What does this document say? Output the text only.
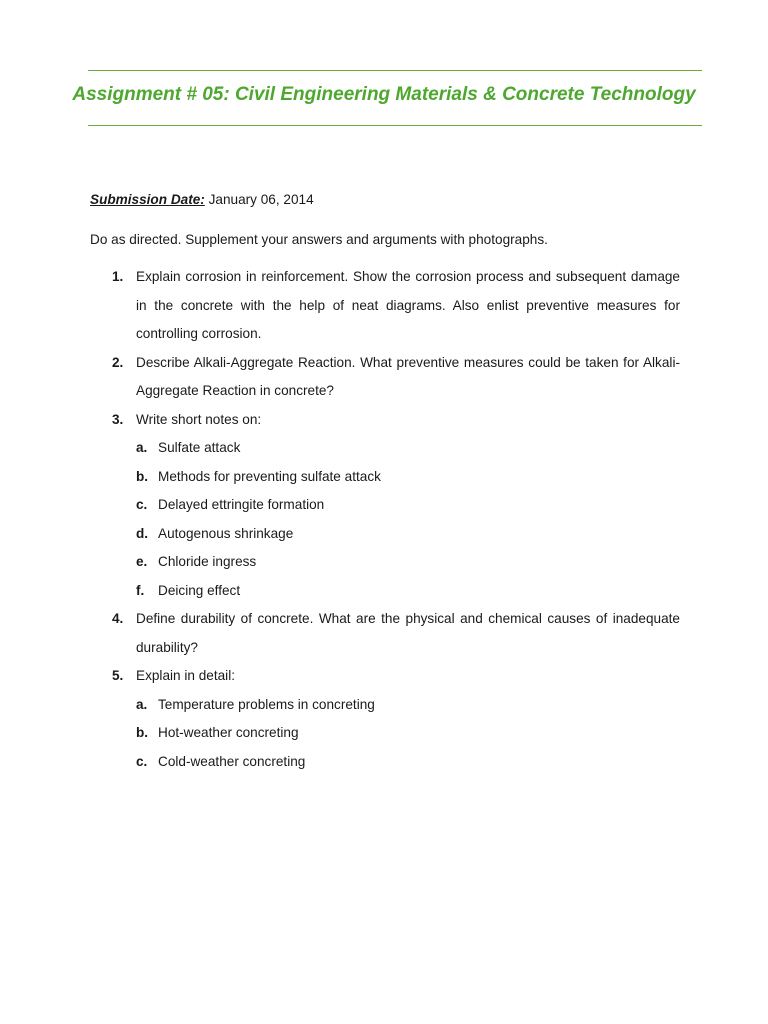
Assignment # 05: Civil Engineering Materials & Concrete Technology

Submission Date: January 06, 2014

Do as directed. Supplement your answers and arguments with photographs.

1. Explain corrosion in reinforcement. Show the corrosion process and subsequent damage in the concrete with the help of neat diagrams. Also enlist preventive measures for controlling corrosion.
2. Describe Alkali-Aggregate Reaction. What preventive measures could be taken for Alkali-Aggregate Reaction in concrete?
3. Write short notes on:
a. Sulfate attack
b. Methods for preventing sulfate attack
c. Delayed ettringite formation
d. Autogenous shrinkage
e. Chloride ingress
f. Deicing effect
4. Define durability of concrete. What are the physical and chemical causes of inadequate durability?
5. Explain in detail:
a. Temperature problems in concreting
b. Hot-weather concreting
c. Cold-weather concreting
